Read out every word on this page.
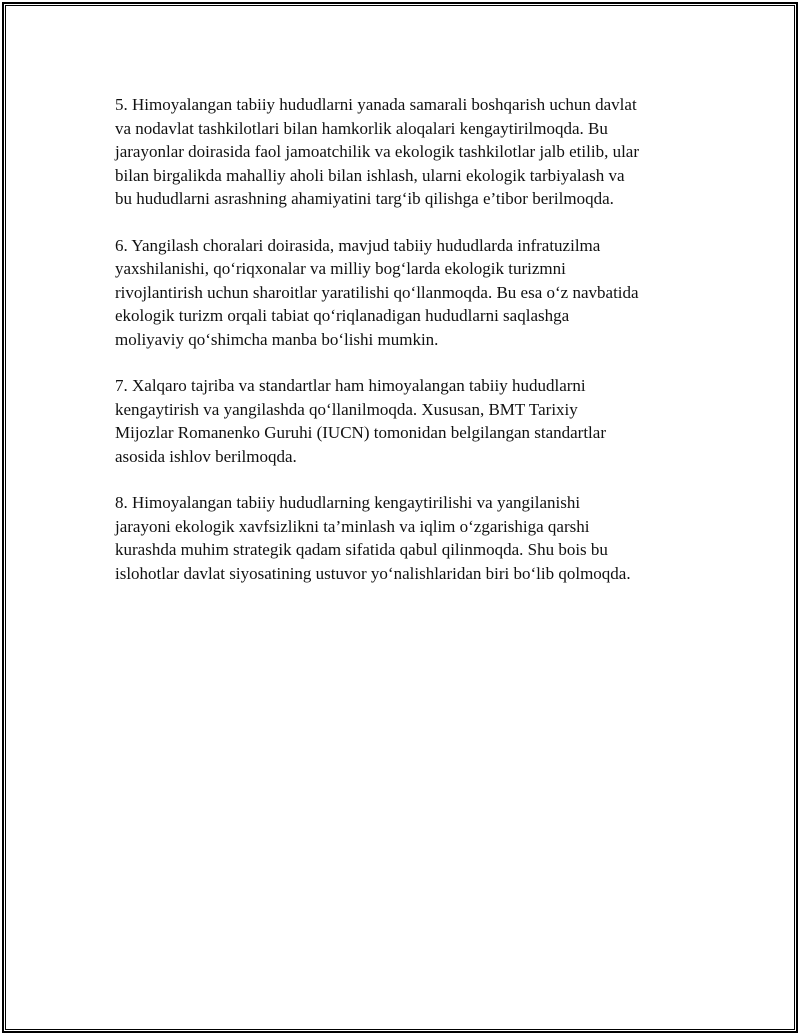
5. Himoyalangan tabiiy hududlarni yanada samarali boshqarish uchun davlat
va nodavlat tashkilotlari bilan hamkorlik aloqalari kengaytirilmoqda. Bu
jarayonlar doirasida faol jamoatchilik va ekologik tashkilotlar jalb etilib, ular
bilan birgalikda mahalliy aholi bilan ishlash, ularni ekologik tarbiyalash va
bu hududlarni asrashning ahamiyatini targ‘ib qilishga e’tibor berilmoqda.

6. Yangilash choralari doirasida, mavjud tabiiy hududlarda infratuzilma
yaxshilanishi, qo‘riqxonalar va milliy bog‘larda ekologik turizmni
rivojlantirish uchun sharoitlar yaratilishi qo‘llanmoqda. Bu esa o‘z navbatida
ekologik turizm orqali tabiat qo‘riqlanadigan hududlarni saqlashga
moliyaviy qo‘shimcha manba bo‘lishi mumkin.

7. Xalqaro tajriba va standartlar ham himoyalangan tabiiy hududlarni
kengaytirish va yangilashda qo‘llanilmoqda. Xususan, BMT Tarixiy
Mijozlar Romanenko Guruhi (IUCN) tomonidan belgilangan standartlar
asosida ishlov berilmoqda.

8. Himoyalangan tabiiy hududlarning kengaytirilishi va yangilanishi
jarayoni ekologik xavfsizlikni ta’minlash va iqlim o‘zgarishiga qarshi
kurashda muhim strategik qadam sifatida qabul qilinmoqda. Shu bois bu
islohotlar davlat siyosatining ustuvor yo‘nalishlaridan biri bo‘lib qolmoqda.
